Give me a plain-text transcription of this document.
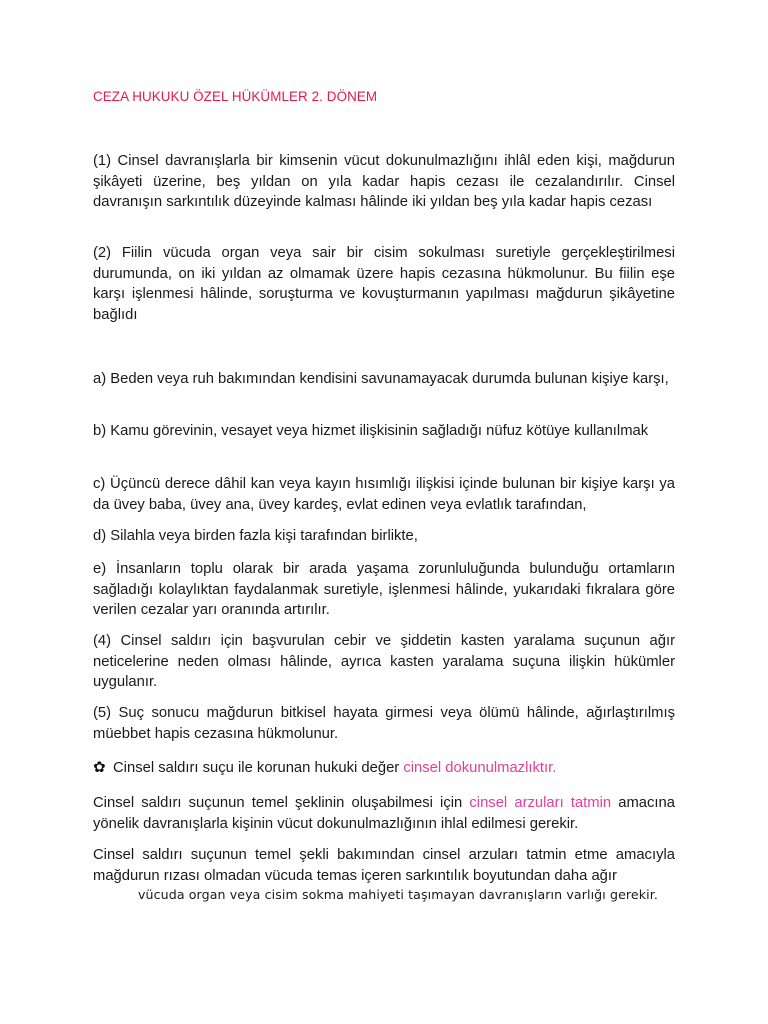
CEZA HUKUKU ÖZEL HÜKÜMLER 2. DÖNEM

(1) Cinsel davranışlarla bir kimsenin vücut dokunulmazlığını ihlâl eden kişi, mağdurun şikâyeti üzerine, beş yıldan on yıla kadar hapis cezası ile cezalandırılır. Cinsel davranışın sarkıntılık düzeyinde kalması hâlinde iki yıldan beş yıla kadar hapis cezası

(2) Fiilin vücuda organ veya sair bir cisim sokulması suretiyle gerçekleştirilmesi durumunda, on iki yıldan az olmamak üzere hapis cezasına hükmolunur. Bu fiilin eşe karşı işlenmesi hâlinde, soruşturma ve kovuşturmanın yapılması mağdurun şikâyetine bağlıdı

a) Beden veya ruh bakımından kendisini savunamayacak durumda bulunan kişiye karşı,

b) Kamu görevinin, vesayet veya hizmet ilişkisinin sağladığı nüfuz kötüye kullanılmak

c) Üçüncü derece dâhil kan veya kayın hısımlığı ilişkisi içinde bulunan bir kişiye karşı ya da üvey baba, üvey ana, üvey kardeş, evlat edinen veya evlatlık tarafından,

d) Silahla veya birden fazla kişi tarafından birlikte,

e) İnsanların toplu olarak bir arada yaşama zorunluluğunda bulunduğu ortamların sağladığı kolaylıktan faydalanmak suretiyle, işlenmesi hâlinde, yukarıdaki fıkralara göre verilen cezalar yarı oranında artırılır.

(4) Cinsel saldırı için başvurulan cebir ve şiddetin kasten yaralama suçunun ağır neticelerine neden olması hâlinde, ayrıca kasten yaralama suçuna ilişkin hükümler uygulanır.

(5) Suç sonucu mağdurun bitkisel hayata girmesi veya ölümü hâlinde, ağırlaştırılmış müebbet hapis cezasına hükmolunur.

✿ Cinsel saldırı suçu ile korunan hukuki değer cinsel dokunulmazlıktır.

Cinsel saldırı suçunun temel şeklinin oluşabilmesi için cinsel arzuları tatmin amacına yönelik davranışlarla kişinin vücut dokunulmazlığının ihlal edilmesi gerekir.

Cinsel saldırı suçunun temel şekli bakımından cinsel arzuları tatmin etme amacıyla mağdurun rızası olmadan vücuda temas içeren sarkıntılık boyutundan daha ağır

vücuda organ veya cisim sokma mahiyeti taşımayan davranışların varlığı gerekir.
